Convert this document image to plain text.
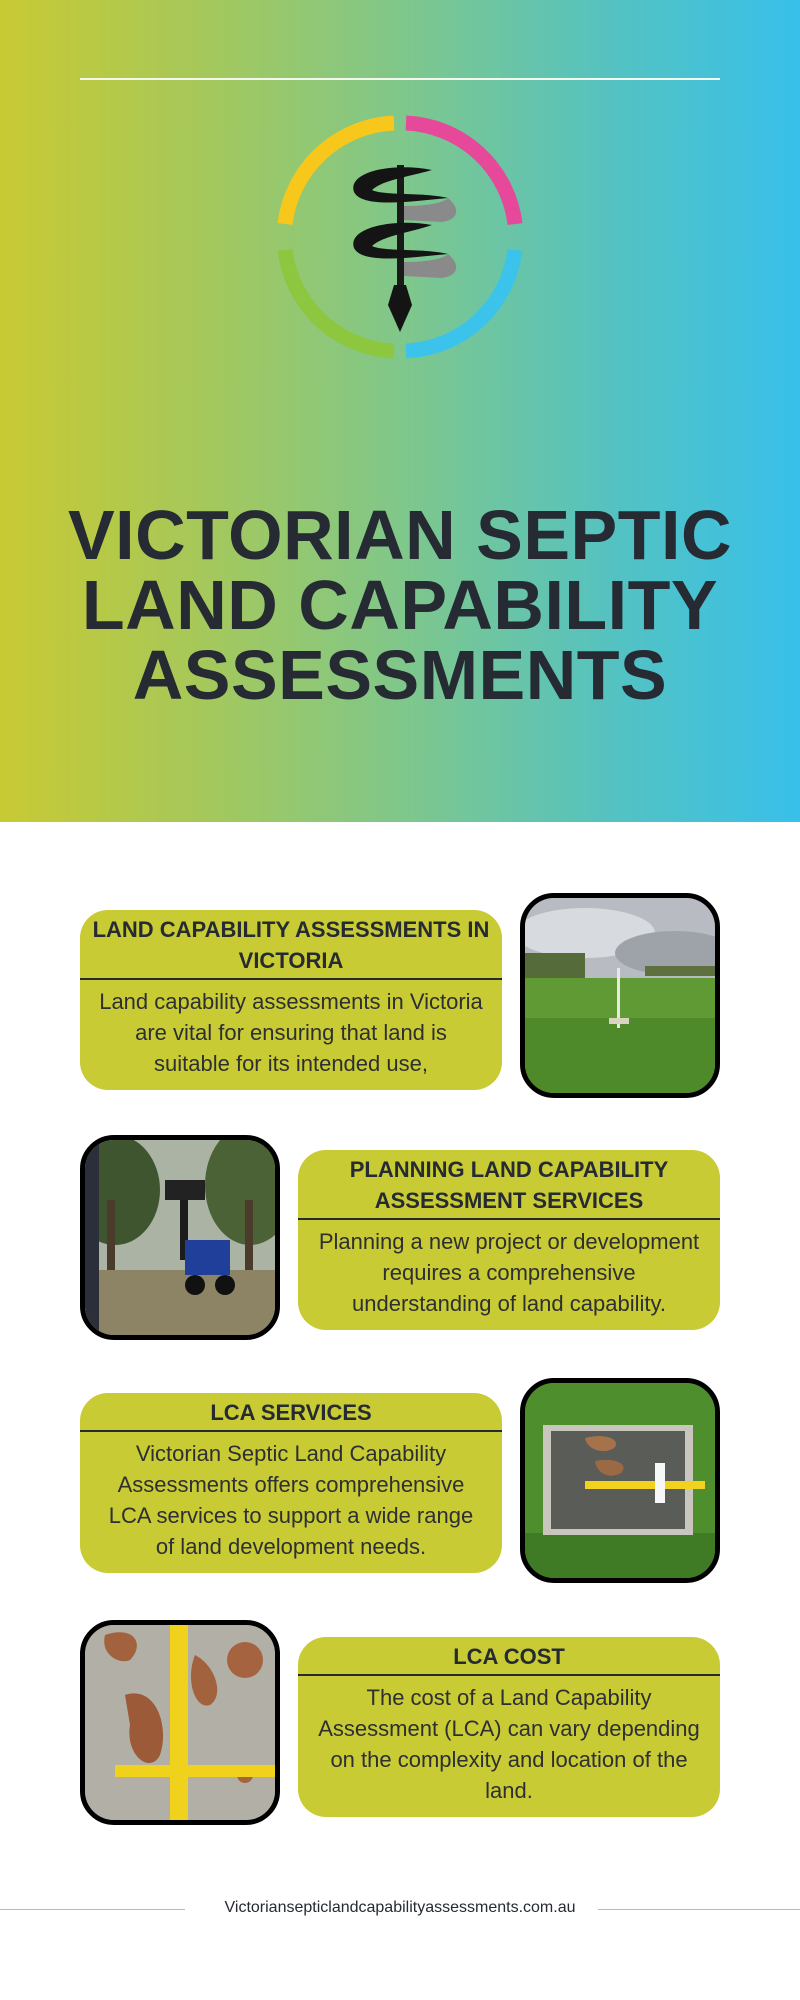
VICTORIAN SEPTIC
LAND CAPABILITY
ASSESSMENTS
LAND CAPABILITY ASSESSMENTS IN VICTORIA
Land capability assessments in Victoria are vital for ensuring that land is suitable for its intended use,
PLANNING LAND CAPABILITY ASSESSMENT SERVICES
Planning a new project or development requires a comprehensive understanding of land capability.
LCA SERVICES
Victorian Septic Land Capability Assessments offers comprehensive LCA services to support a wide range of land development needs.
LCA COST
The cost of a Land Capability Assessment (LCA) can vary depending on the complexity and location of the land.
Victoriansepticlandcapabilityassessments.com.au
